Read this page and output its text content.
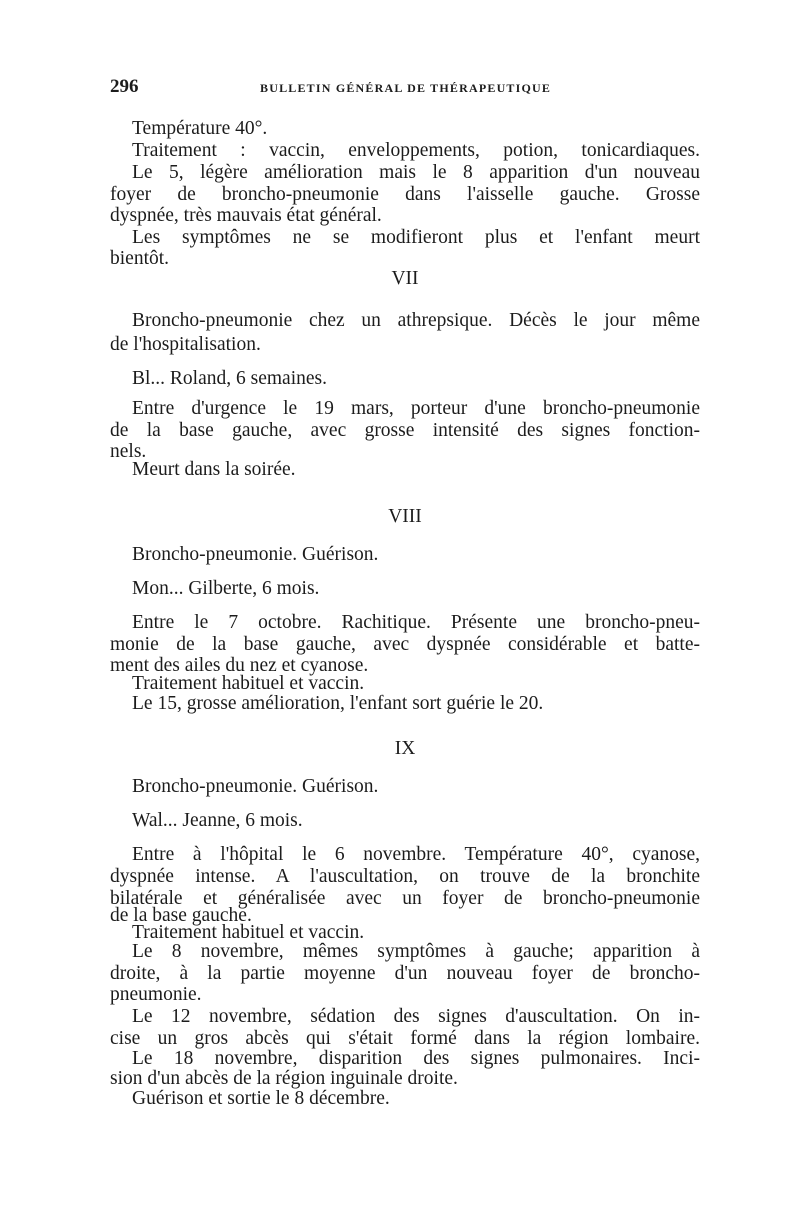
296	BULLETIN GÉNÉRAL DE THÉRAPEUTIQUE
Température 40°.
Traitement : vaccin, enveloppements, potion, tonicardiaques.
Le 5, légère amélioration mais le 8 apparition d'un nouveau
foyer de broncho-pneumonie dans l'aisselle gauche. Grosse
dyspnée, très mauvais état général.
Les symptômes ne se modifieront plus et l'enfant meurt
bientôt.
VII
Broncho-pneumonie chez un athrepsique. Décès le jour même
de l'hospitalisation.
Bl... Roland, 6 semaines.
Entre d'urgence le 19 mars, porteur d'une broncho-pneumonie
de la base gauche, avec grosse intensité des signes fonction-
nels.
Meurt dans la soirée.
VIII
Broncho-pneumonie. Guérison.
Mon... Gilberte, 6 mois.
Entre le 7 octobre. Rachitique. Présente une broncho-pneu-
monie de la base gauche, avec dyspnée considérable et batte-
ment des ailes du nez et cyanose.
Traitement habituel et vaccin.
Le 15, grosse amélioration, l'enfant sort guérie le 20.
IX
Broncho-pneumonie. Guérison.
Wal... Jeanne, 6 mois.
Entre à l'hôpital le 6 novembre. Température 40°, cyanose,
dyspnée intense. A l'auscultation, on trouve de la bronchite
bilatérale et généralisée avec un foyer de broncho-pneumonie
de la base gauche.
Traitement habituel et vaccin.
Le 8 novembre, mêmes symptômes à gauche; apparition à
droite, à la partie moyenne d'un nouveau foyer de broncho-
pneumonie.
Le 12 novembre, sédation des signes d'auscultation. On in-
cise un gros abcès qui s'était formé dans la région lombaire.
Le 18 novembre, disparition des signes pulmonaires. Inci-
sion d'un abcès de la région inguinale droite.
Guérison et sortie le 8 décembre.
